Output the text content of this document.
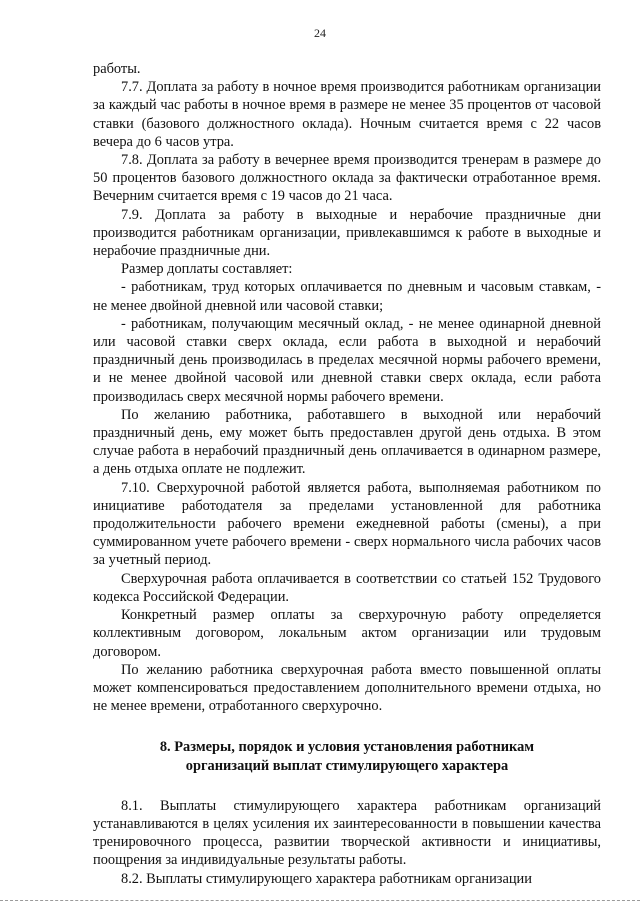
24

работы.

7.7. Доплата за работу в ночное время производится работникам организации за каждый час работы в ночное время в размере не менее 35 процентов от часовой ставки (базового должностного оклада). Ночным считается время с 22 часов вечера до 6 часов утра.

7.8. Доплата за работу в вечернее время производится тренерам в размере до 50 процентов базового должностного оклада за фактически отработанное время. Вечерним считается время с 19 часов до 21 часа.

7.9. Доплата за работу в выходные и нерабочие праздничные дни производится работникам организации, привлекавшимся к работе в выходные и нерабочие праздничные дни.

Размер доплаты составляет:

- работникам, труд которых оплачивается по дневным и часовым ставкам, - не менее двойной дневной или часовой ставки;

- работникам, получающим месячный оклад, - не менее одинарной дневной или часовой ставки сверх оклада, если работа в выходной и нерабочий праздничный день производилась в пределах месячной нормы рабочего времени, и не менее двойной часовой или дневной ставки сверх оклада, если работа производилась сверх месячной нормы рабочего времени.

По желанию работника, работавшего в выходной или нерабочий праздничный день, ему может быть предоставлен другой день отдыха. В этом случае работа в нерабочий праздничный день оплачивается в одинарном размере, а день отдыха оплате не подлежит.

7.10. Сверхурочной работой является работа, выполняемая работником по инициативе работодателя за пределами установленной для работника продолжительности рабочего времени ежедневной работы (смены), а при суммированном учете рабочего времени - сверх нормального числа рабочих часов за учетный период.

Сверхурочная работа оплачивается в соответствии со статьей 152 Трудового кодекса Российской Федерации.

Конкретный размер оплаты за сверхурочную работу определяется коллективным договором, локальным актом организации или трудовым договором.

По желанию работника сверхурочная работа вместо повышенной оплаты может компенсироваться предоставлением дополнительного времени отдыха, но не менее времени, отработанного сверхурочно.

8. Размеры, порядок и условия установления работникам
организаций выплат стимулирующего характера

8.1. Выплаты стимулирующего характера работникам организаций устанавливаются в целях усиления их заинтересованности в повышении качества тренировочного процесса, развитии творческой активности и инициативы, поощрения за индивидуальные результаты работы.

8.2. Выплаты стимулирующего характера работникам организации
